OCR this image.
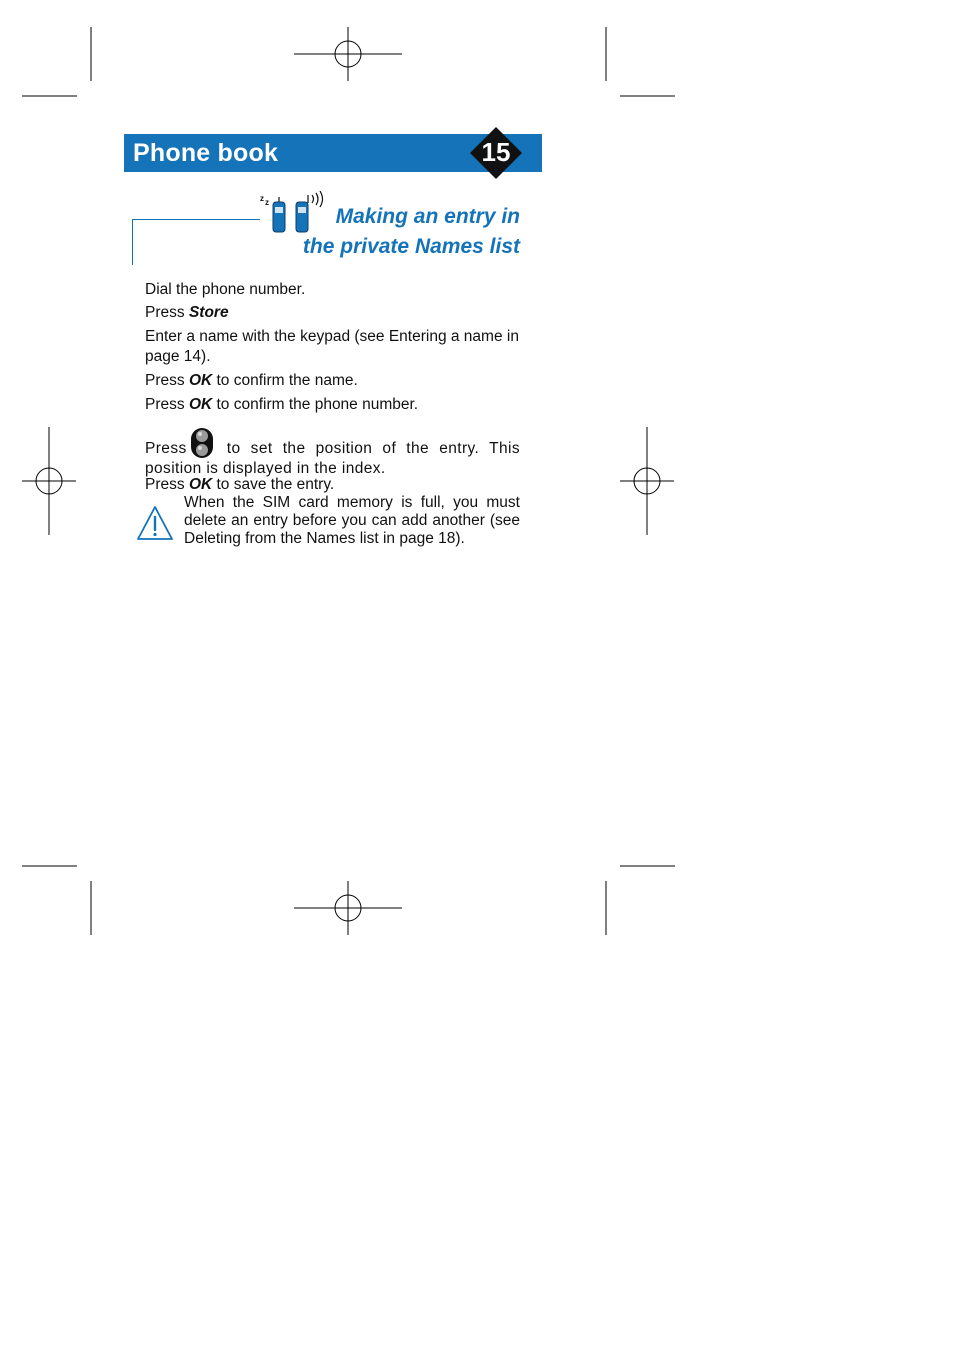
Phone book	15
z z
Making an entry in
the private Names list
Dial the phone number.
Press Store
Enter a name with the keypad (see Entering a name in page 14).
Press OK to confirm the name.
Press OK to confirm the phone number.
Press to set the position of the entry. This position is displayed in the index.
Press OK to save the entry.
When the SIM card memory is full, you must delete an entry before you can add another (see Deleting from the Names list in page 18).
